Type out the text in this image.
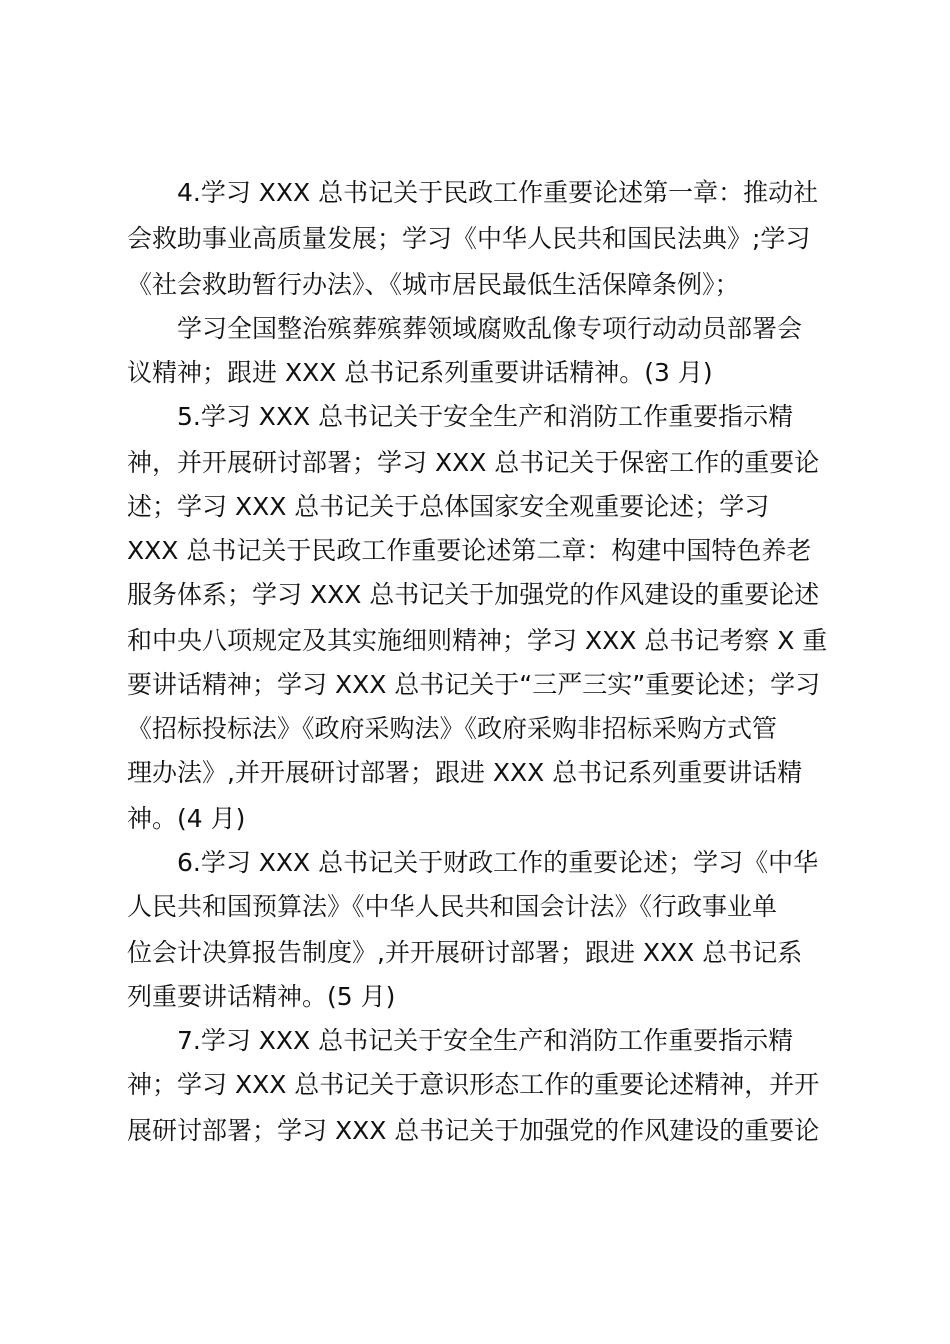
4.学习 XXX 总书记关于民政工作重要论述第一章：推动社

会救助事业高质量发展；学习《中华人民共和国民法典》;学习

《社会救助暂行办法》、《城市居民最低生活保障条例》；

学习全国整治殡葬殡葬领域腐败乱像专项行动动员部署会

议精神；跟进 XXX 总书记系列重要讲话精神。(3 月)

5.学习 XXX 总书记关于安全生产和消防工作重要指示精

神，并开展研讨部署；学习 XXX 总书记关于保密工作的重要论

述；学习 XXX 总书记关于总体国家安全观重要论述；学习

XXX 总书记关于民政工作重要论述第二章：构建中国特色养老

服务体系；学习 XXX 总书记关于加强党的作风建设的重要论述

和中央八项规定及其实施细则精神；学习 XXX 总书记考察 X 重

要讲话精神；学习 XXX 总书记关于“三严三实”重要论述；学习

《招标投标法》《政府采购法》《政府采购非招标采购方式管

理办法》,并开展研讨部署；跟进 XXX 总书记系列重要讲话精

神。(4 月)

6.学习 XXX 总书记关于财政工作的重要论述；学习《中华

人民共和国预算法》《中华人民共和国会计法》《行政事业单

位会计决算报告制度》,并开展研讨部署；跟进 XXX 总书记系

列重要讲话精神。(5 月)

7.学习 XXX 总书记关于安全生产和消防工作重要指示精

神；学习 XXX 总书记关于意识形态工作的重要论述精神，并开

展研讨部署；学习 XXX 总书记关于加强党的作风建设的重要论
